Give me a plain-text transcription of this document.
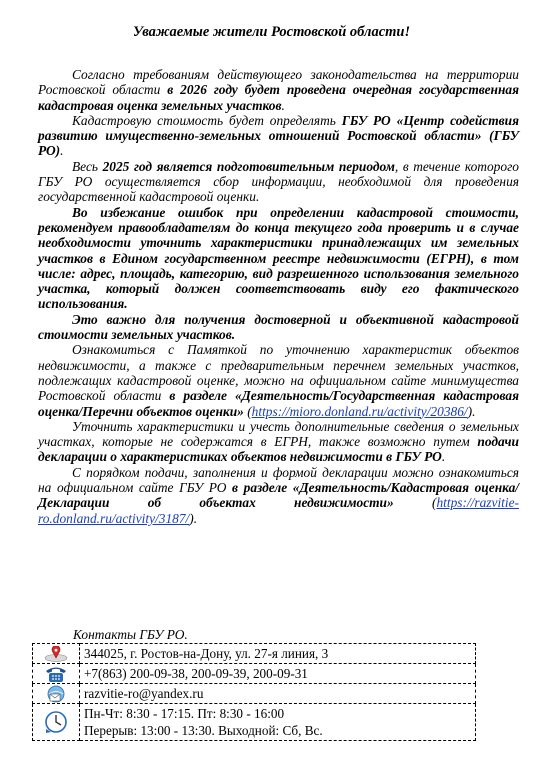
Уважаемые жители Ростовской области!

Согласно требованиям действующего законодательства на территории Ростовской области в 2026 году будет проведена очередная государственная кадастровая оценка земельных участков.

Кадастровую стоимость будет определять ГБУ РО «Центр содействия развитию имущественно-земельных отношений Ростовской области» (ГБУ РО).

Весь 2025 год является подготовительным периодом, в течение которого ГБУ РО осуществляется сбор информации, необходимой для проведения государственной кадастровой оценки.

Во избежание ошибок при определении кадастровой стоимости, рекомендуем правообладателям до конца текущего года проверить и в случае необходимости уточнить характеристики принадлежащих им земельных участков в Едином государственном реестре недвижимости (ЕГРН), в том числе: адрес, площадь, категорию, вид разрешенного использования земельного участка, который должен соответствовать виду его фактического использования.

Это важно для получения достоверной и объективной кадастровой стоимости земельных участков.

Ознакомиться с Памяткой по уточнению характеристик объектов недвижимости, а также с предварительным перечнем земельных участков, подлежащих кадастровой оценке, можно на официальном сайте минимущества Ростовской области в разделе «Деятельность/Государственная кадастровая оценка/Перечни объектов оценки» (https://mioro.donland.ru/activity/20386/).

Уточнить характеристики и учесть дополнительные сведения о земельных участках, которые не содержатся в ЕГРН, также возможно путем подачи декларации о характеристиках объектов недвижимости в ГБУ РО.

С порядком подачи, заполнения и формой декларации можно ознакомиться на официальном сайте ГБУ РО в разделе «Деятельность/Кадастровая оценка/Декларации об объектах недвижимости» (https://razvitie-ro.donland.ru/activity/3187/).

Контакты ГБУ РО.
	344025, г. Ростов-на-Дону, ул. 27-я линия, 3

	+7(863) 200-09-38, 200-09-39, 200-09-31

	razvitie-ro@yandex.ru

Пн-Чт: 8:30 - 17:15. Пт: 8:30 - 16:00
Перерыв: 13:00 - 13:30. Выходной: Сб, Вс.
